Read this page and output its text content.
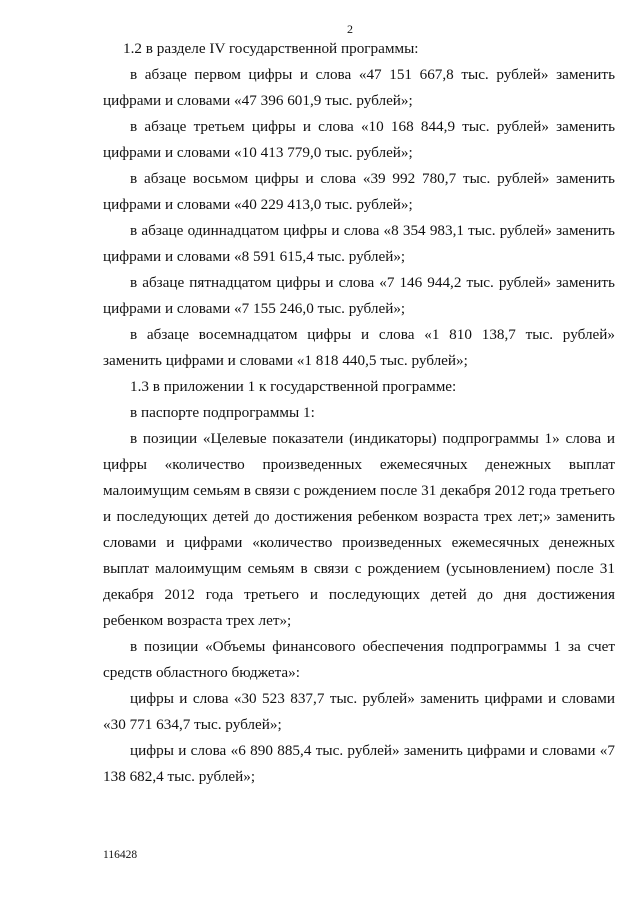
2

1.2 в разделе IV государственной программы:

в абзаце первом цифры и слова «47 151 667,8 тыс. рублей» заменить цифрами и словами «47 396 601,9 тыс. рублей»;

в абзаце третьем цифры и слова «10 168 844,9 тыс. рублей» заменить цифрами и словами «10 413 779,0 тыс. рублей»;

в абзаце восьмом цифры и слова «39 992 780,7 тыс. рублей» заменить цифрами и словами «40 229 413,0 тыс. рублей»;

в абзаце одиннадцатом цифры и слова «8 354 983,1 тыс. рублей» заменить цифрами и словами «8 591 615,4 тыс. рублей»;

в абзаце пятнадцатом цифры и слова «7 146 944,2 тыс. рублей» заменить цифрами и словами «7 155 246,0 тыс. рублей»;

в абзаце восемнадцатом цифры и слова «1 810 138,7 тыс. рублей» заменить цифрами и словами «1 818 440,5 тыс. рублей»;

1.3 в приложении 1 к государственной программе:

в паспорте подпрограммы 1:

в позиции «Целевые показатели (индикаторы) подпрограммы 1» слова и цифры «количество произведенных ежемесячных денежных выплат малоимущим семьям в связи с рождением после 31 декабря 2012 года третьего и последующих детей до достижения ребенком возраста трех лет;» заменить словами и цифрами «количество произведенных ежемесячных денежных выплат малоимущим семьям в связи с рождением (усыновлением) после 31 декабря 2012 года третьего и последующих детей до дня достижения ребенком возраста трех лет»;

в позиции «Объемы финансового обеспечения подпрограммы 1 за счет средств областного бюджета»:

цифры и слова «30 523 837,7 тыс. рублей» заменить цифрами и словами «30 771 634,7 тыс. рублей»;

цифры и слова «6 890 885,4 тыс. рублей» заменить цифрами и словами «7 138 682,4 тыс. рублей»;

116428
